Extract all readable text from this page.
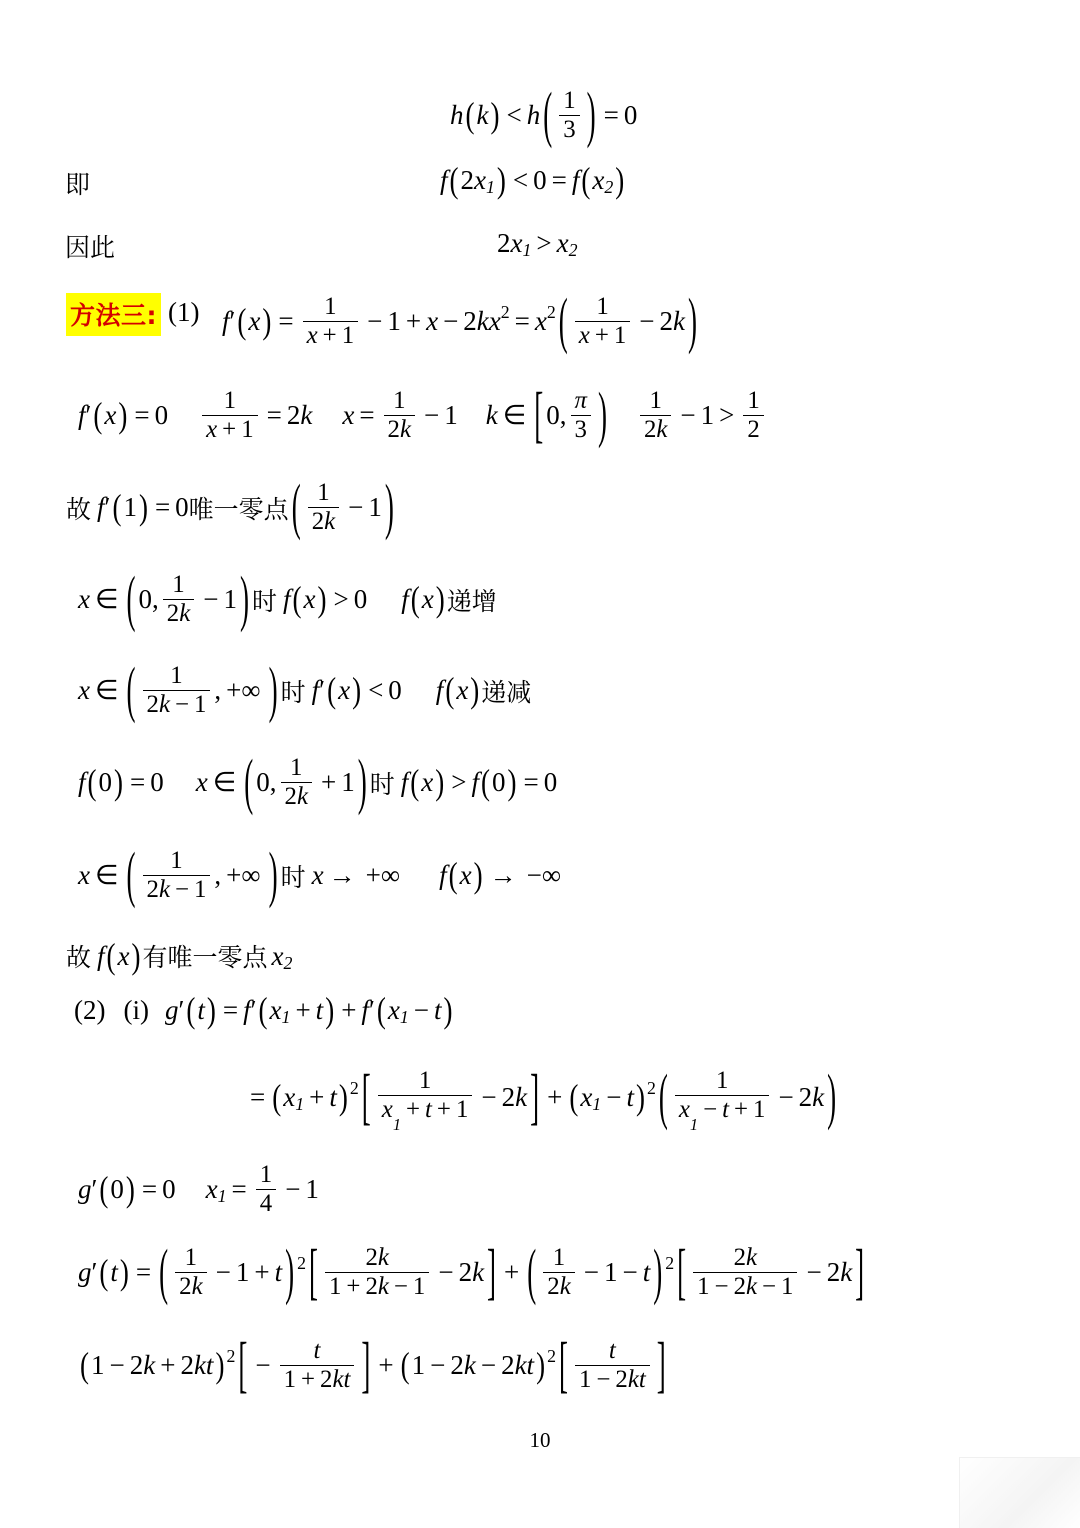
h ( k ) < h ( $\frac{1}{3}$ ) = 0
即	f ( 2 x 1 ) < 0 = f ( x 2 )
因此	2 x 1 > x 2
方法三: (1) f ′ ( x ) = $\frac{1}{x + 1} - 1 + x - 2$ kx 2 = x 2 ( $\frac{1}{x + 1} - 2$ k )
f ′ ( x ) = $0 \frac{1}{x + 1} = 2$ k $x = \frac{1}{2k} - 1$ k ∈ [ 0, $\frac{\pi}{3}$ ) $\frac{1}{2k} - 1 > \frac{1}{2}$
故 f ′ ( 1 ) = 0 唯一零点 ( $\frac{1}{2k} - 1$ )
x ∈ ( 0, $\frac{1}{2k} - 1$ ) 时 f ( x ) > 0 f ( x ) 递增
x ∈ ( $\frac{1}{2k - 1}$ , +∞ ) 时 f ′ ( x ) < 0 f ( x ) 递减
f ( 0 ) = 0 x ∈ ( 0, $\frac{1}{2k} + 1$ ) 时 f ( x ) > f ( 0 ) = 0
x ∈ ( $\frac{1}{2k - 1}$ , +∞ ) 时 x → +∞ f ( x ) → −∞
故 f ( x ) 有唯一零点 x 2
(2) (i) g ′ ( t ) = f ′ ( x 1 + t ) + f ′ ( x 1 − t )
= ( x 1 + t ) 2 [ $\frac{1}{x_1+ t + 1} - 2$ k ] + ( x 1 − t ) 2 ( $\frac{1}{x_1- t + 1} - 2$ k )
g ′ ( 0 ) = 0 x $1 = \frac{1}{4} - 1$
g ′ ( t ) = ( $\frac{1}{2k} - 1 + t$ ) 2 [ $\frac{2k}{1 + 2k - 1} - 2$ k ] + ( $\frac{1}{2k} - 1 - t$ ) 2 [ $\frac{2k}{1 - 2k - 1} - 2$ k ]
( 1 − 2 k + 2 kt ) 2 [ − $\frac{t}{1 + 2kt}$ ] + ( 1 − 2 k − 2 kt ) 2 [ $\frac{t}{1 - 2kt}$ ]
10
